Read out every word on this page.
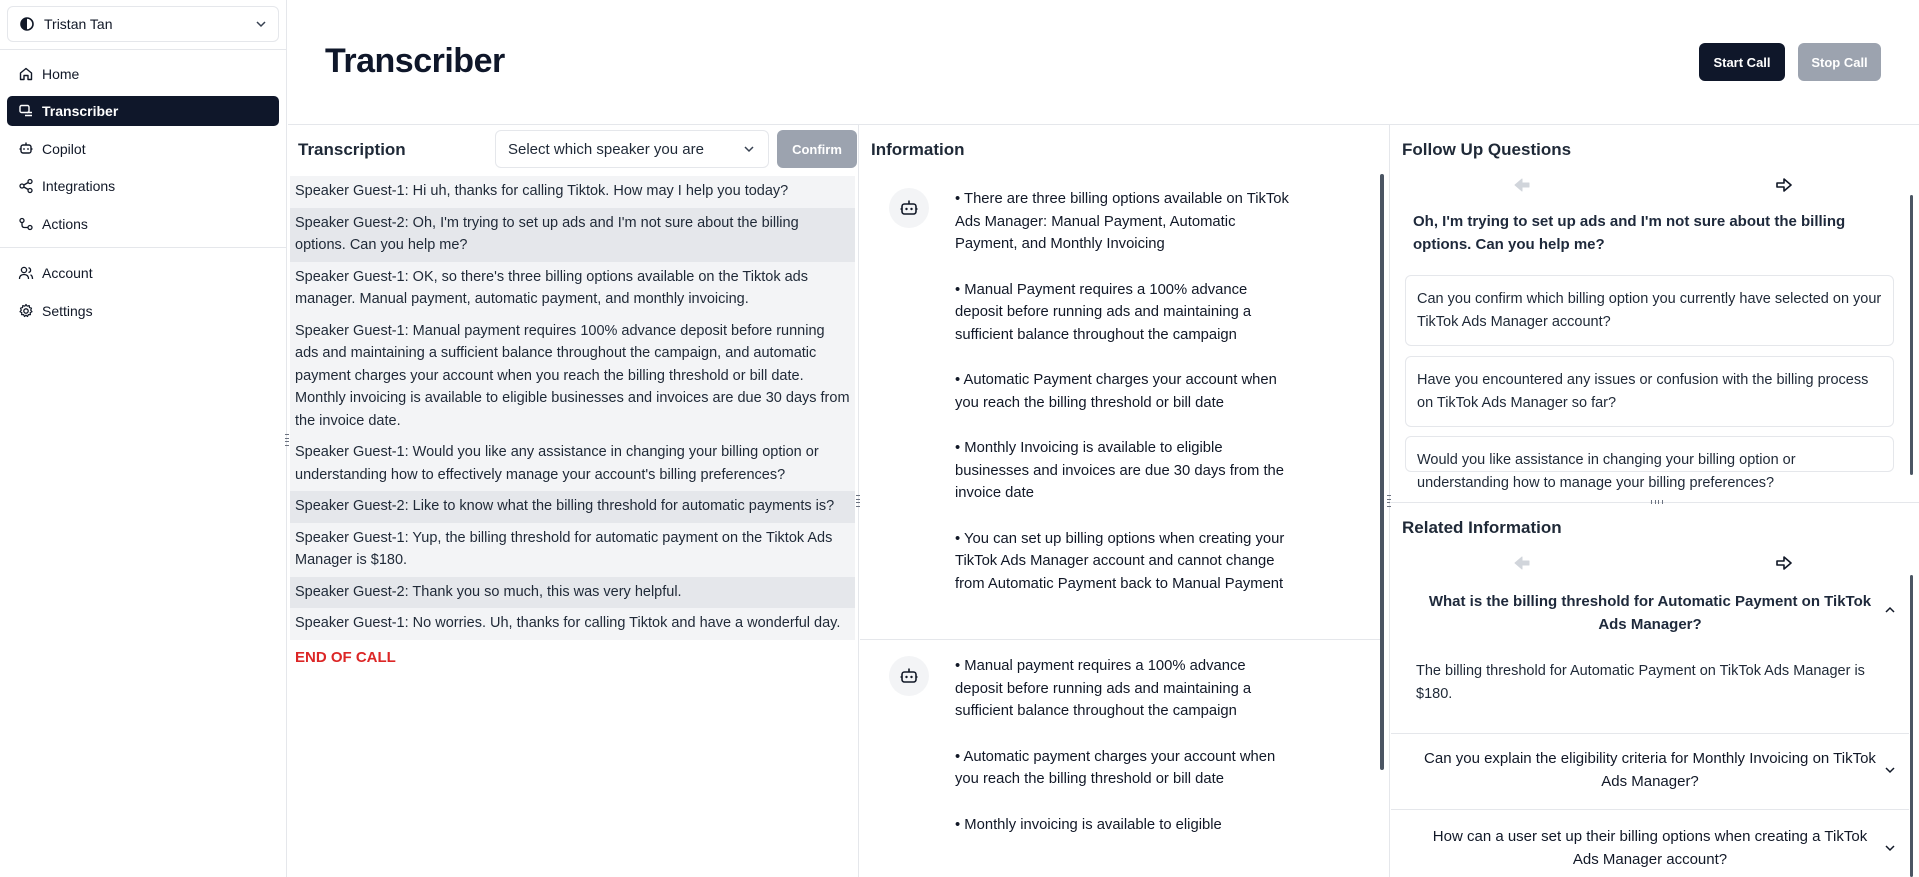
Tristan Tan
Home
Transcriber
Copilot
Integrations
Actions
Account
Settings
Transcriber	Start Call	Stop Call
Transcription	Select which speaker you are	Confirm
Speaker Guest-1: Hi uh, thanks for calling Tiktok. How may I help you today?
Speaker Guest-2: Oh, I'm trying to set up ads and I'm not sure about the billing options. Can you help me?
Speaker Guest-1: OK, so there's three billing options available on the Tiktok ads manager. Manual payment, automatic payment, and monthly invoicing.
Speaker Guest-1: Manual payment requires 100% advance deposit before running ads and maintaining a sufficient balance throughout the campaign, and automatic payment charges your account when you reach the billing threshold or bill date. Monthly invoicing is available to eligible businesses and invoices are due 30 days from the invoice date.
Speaker Guest-1: Would you like any assistance in changing your billing option or understanding how to effectively manage your account's billing preferences?
Speaker Guest-2: Like to know what the billing threshold for automatic payments is?
Speaker Guest-1: Yup, the billing threshold for automatic payment on the Tiktok Ads Manager is $180.
Speaker Guest-2: Thank you so much, this was very helpful.
Speaker Guest-1: No worries. Uh, thanks for calling Tiktok and have a wonderful day.
END OF CALL
Information
• There are three billing options available on TikTok Ads Manager: Manual Payment, Automatic Payment, and Monthly Invoicing
• Manual Payment requires a 100% advance deposit before running ads and maintaining a sufficient balance throughout the campaign
• Automatic Payment charges your account when you reach the billing threshold or bill date
• Monthly Invoicing is available to eligible businesses and invoices are due 30 days from the invoice date
• You can set up billing options when creating your TikTok Ads Manager account and cannot change from Automatic Payment back to Manual Payment
• Manual payment requires a 100% advance deposit before running ads and maintaining a sufficient balance throughout the campaign
• Automatic payment charges your account when you reach the billing threshold or bill date
• Monthly invoicing is available to eligible
Follow Up Questions
Oh, I'm trying to set up ads and I'm not sure about the billing options. Can you help me?
Can you confirm which billing option you currently have selected on your TikTok Ads Manager account?
Have you encountered any issues or confusion with the billing process on TikTok Ads Manager so far?
Would you like assistance in changing your billing option or understanding how to manage your billing preferences?
Related Information
What is the billing threshold for Automatic Payment on TikTok Ads Manager?
The billing threshold for Automatic Payment on TikTok Ads Manager is $180.
Can you explain the eligibility criteria for Monthly Invoicing on TikTok Ads Manager?
How can a user set up their billing options when creating a TikTok Ads Manager account?
